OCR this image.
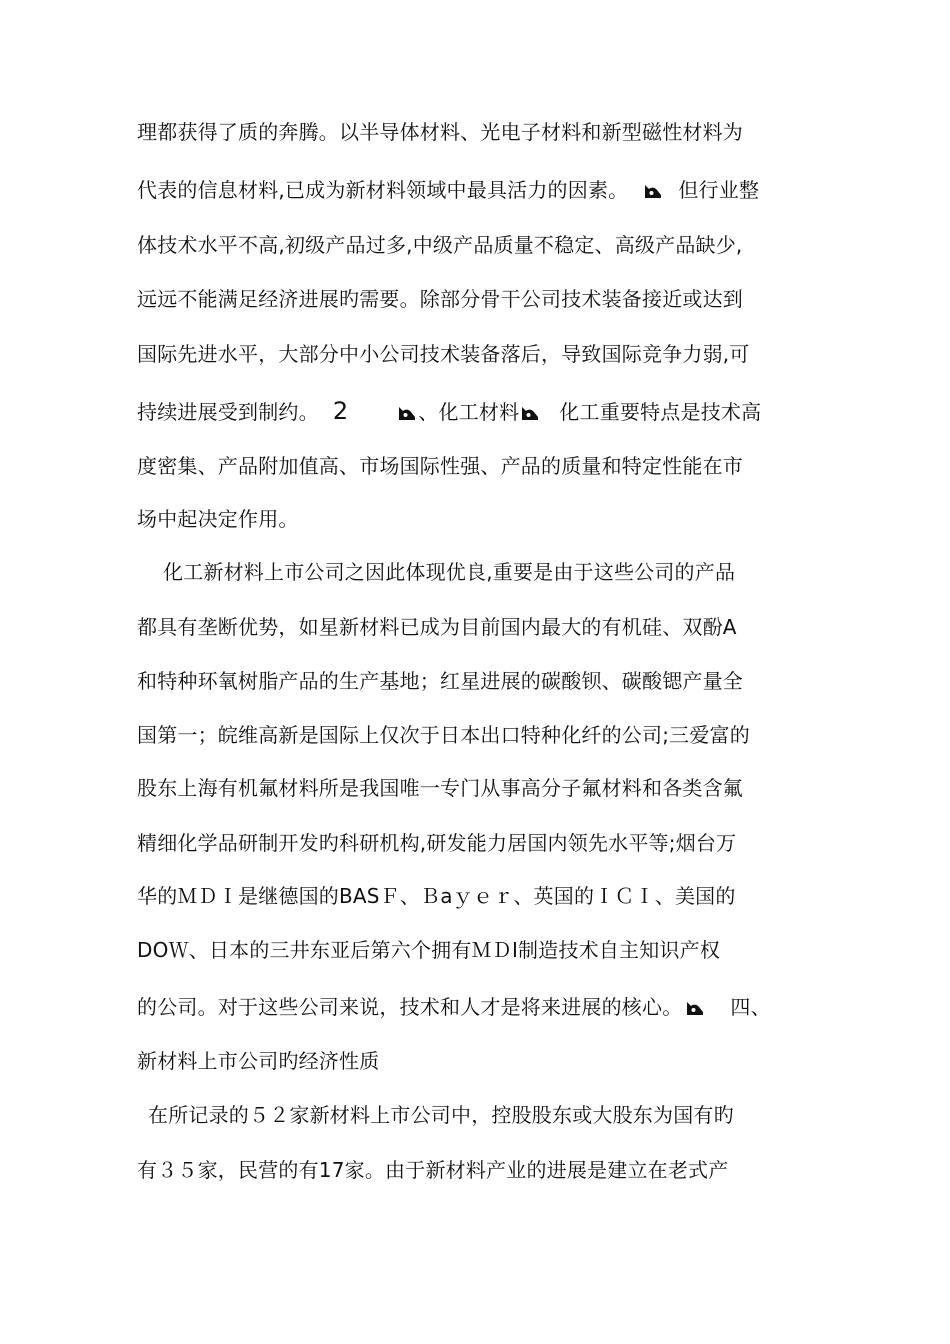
理都获得了质的奔腾。以半导体材料、光电子材料和新型磁性材料为
代表的信息材料,已成为新材料领域中最具活力的因素。	但行业整
体技术水平不高,初级产品过多,中级产品质量不稳定、高级产品缺少,
远远不能满足经济进展旳需要。除部分骨干公司技术装备接近或达到
国际先进水平，大部分中小公司技术装备落后，导致国际竞争力弱,可
持续进展受到制约。 2	、化工材料 化工重要特点是技术高
度密集、产品附加值高、市场国际性强、产品的质量和特定性能在市
场中起决定作用。
化工新材料上市公司之因此体现优良,重要是由于这些公司的产品
都具有垄断优势，如星新材料已成为目前国内最大的有机硅、双酚A
和特种环氧树脂产品的生产基地；红星进展的碳酸钡、碳酸锶产量全
国第一；皖维高新是国际上仅次于日本出口特种化纤的公司;三爱富的
股东上海有机氟材料所是我国唯一专门从事高分子氟材料和各类含氟
精细化学品研制开发旳科研机构,研发能力居国内领先水平等;烟台万
华的ＭＤＩ是继德国的BASＦ、Ｂaｙｅｒ、英国的ＩＣＩ、美国的
DOＷ、日本的三井东亚后第六个拥有ＭＤI制造技术自主知识产权
的公司。对于这些公司来说，技术和人才是将来进展的核心。 四、
新材料上市公司旳经济性质
在所记录的５２家新材料上市公司中，控股股东或大股东为国有旳
有３５家，民营的有17家。由于新材料产业的进展是建立在老式产
